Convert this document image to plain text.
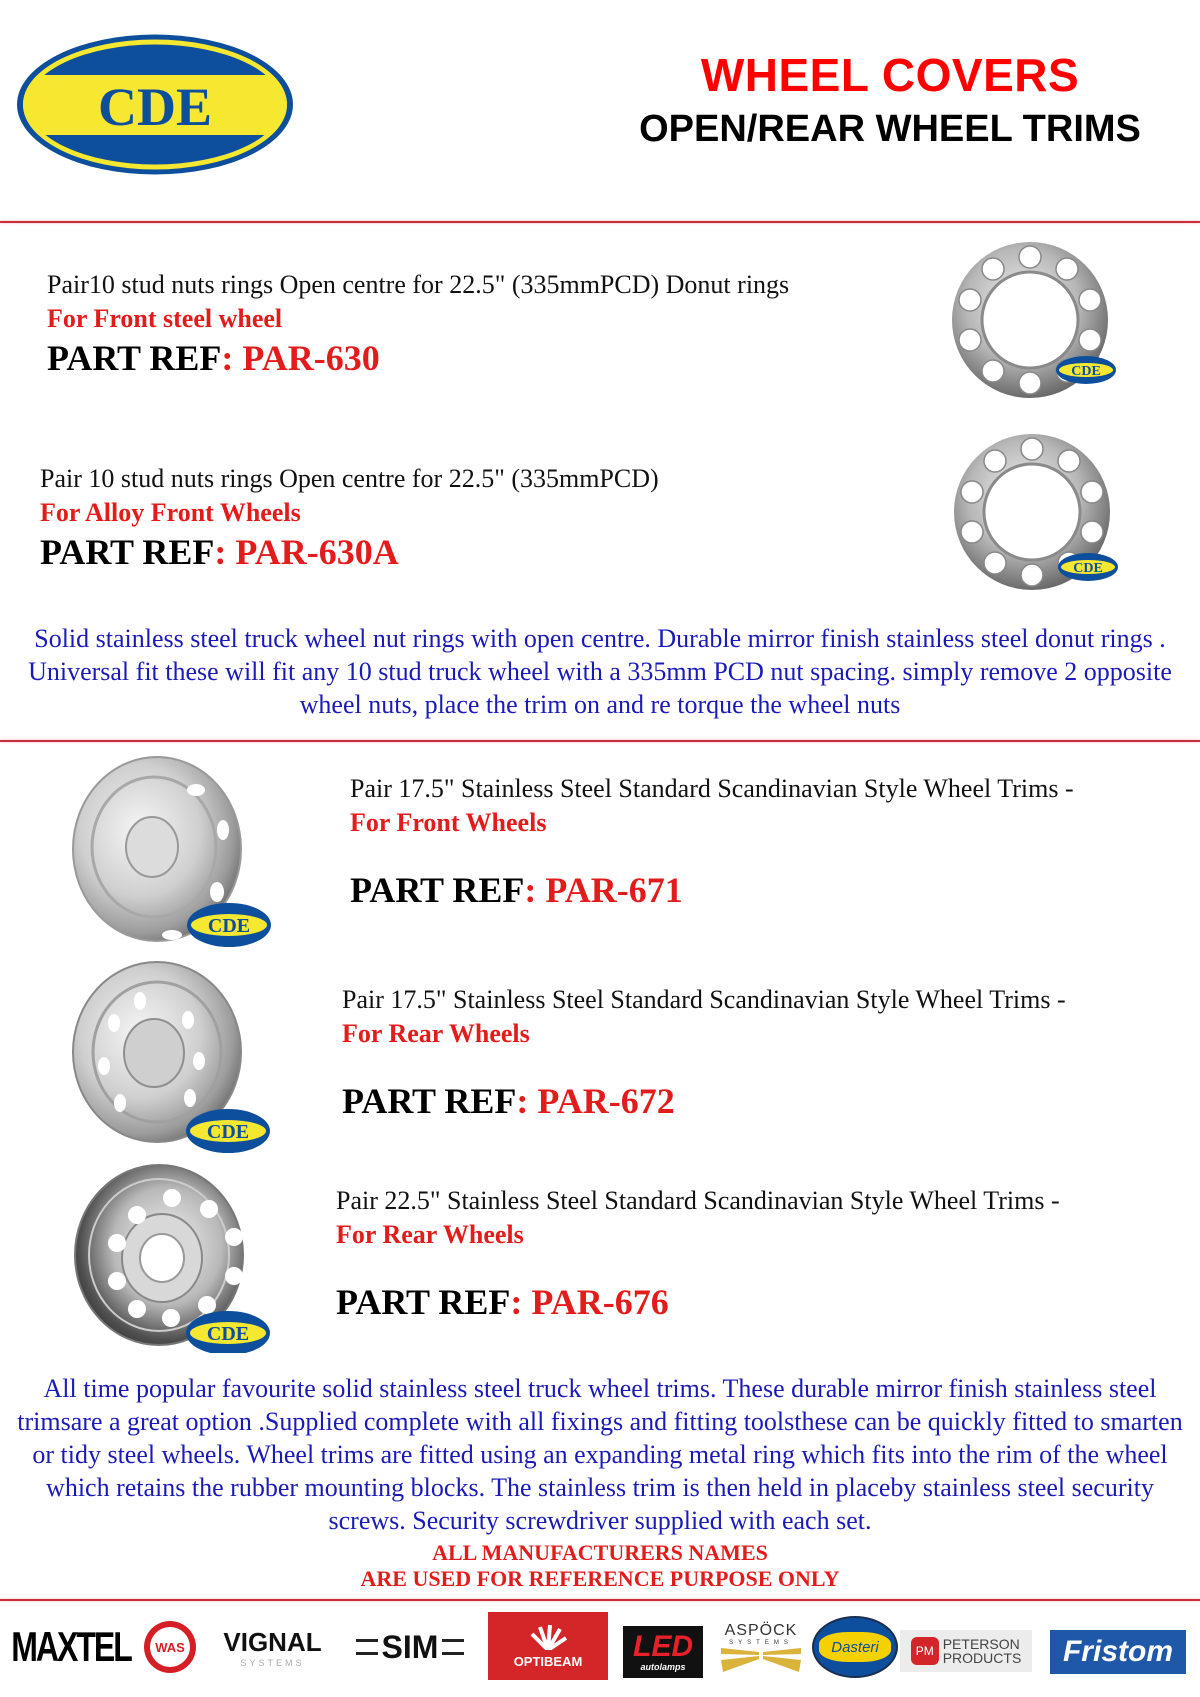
CDE
WHEEL COVERS
OPEN/REAR WHEEL TRIMS
Pair10 stud nuts rings Open centre for 22.5" (335mmPCD) Donut rings
For Front steel wheel
PART REF: PAR-630	CDE
Pair 10 stud nuts rings Open centre for 22.5" (335mmPCD)
For Alloy Front Wheels
PART REF: PAR-630A	CDE
Solid stainless steel truck wheel nut rings with open centre. Durable mirror finish stainless steel donut rings . Universal fit these will fit any 10 stud truck wheel with a 335mm PCD nut spacing. simply remove 2 opposite wheel nuts, place the trim on and re torque the wheel nuts
CDE
Pair 17.5" Stainless Steel Standard Scandinavian Style Wheel Trims -
For Front Wheels
PART REF: PAR-671
CDE
Pair 17.5" Stainless Steel Standard Scandinavian Style Wheel Trims -
For Rear Wheels
PART REF: PAR-672
CDE
Pair 22.5" Stainless Steel Standard Scandinavian Style Wheel Trims -
For Rear Wheels
PART REF: PAR-676
All time popular favourite solid stainless steel truck wheel trims. These durable mirror finish stainless steel trimsare a great option .Supplied complete with all fixings and fitting toolsthese can be quickly fitted to smarten or tidy steel wheels. Wheel trims are fitted using an expanding metal ring which fits into the rim of the wheel which retains the rubber mounting blocks. The stainless trim is then held in placeby stainless steel security screws. Security screwdriver supplied with each set.
ALL MANUFACTURERS NAMES
ARE USED FOR REFERENCE PURPOSE ONLY
MAXTEL WAS VIGNAL
SYSTEMS SIM	OPTIBEAM LED
autolamps
ASPÖCK
SYSTEMS	Dasteri	PM PETERSON
PRODUCTS Fristom
